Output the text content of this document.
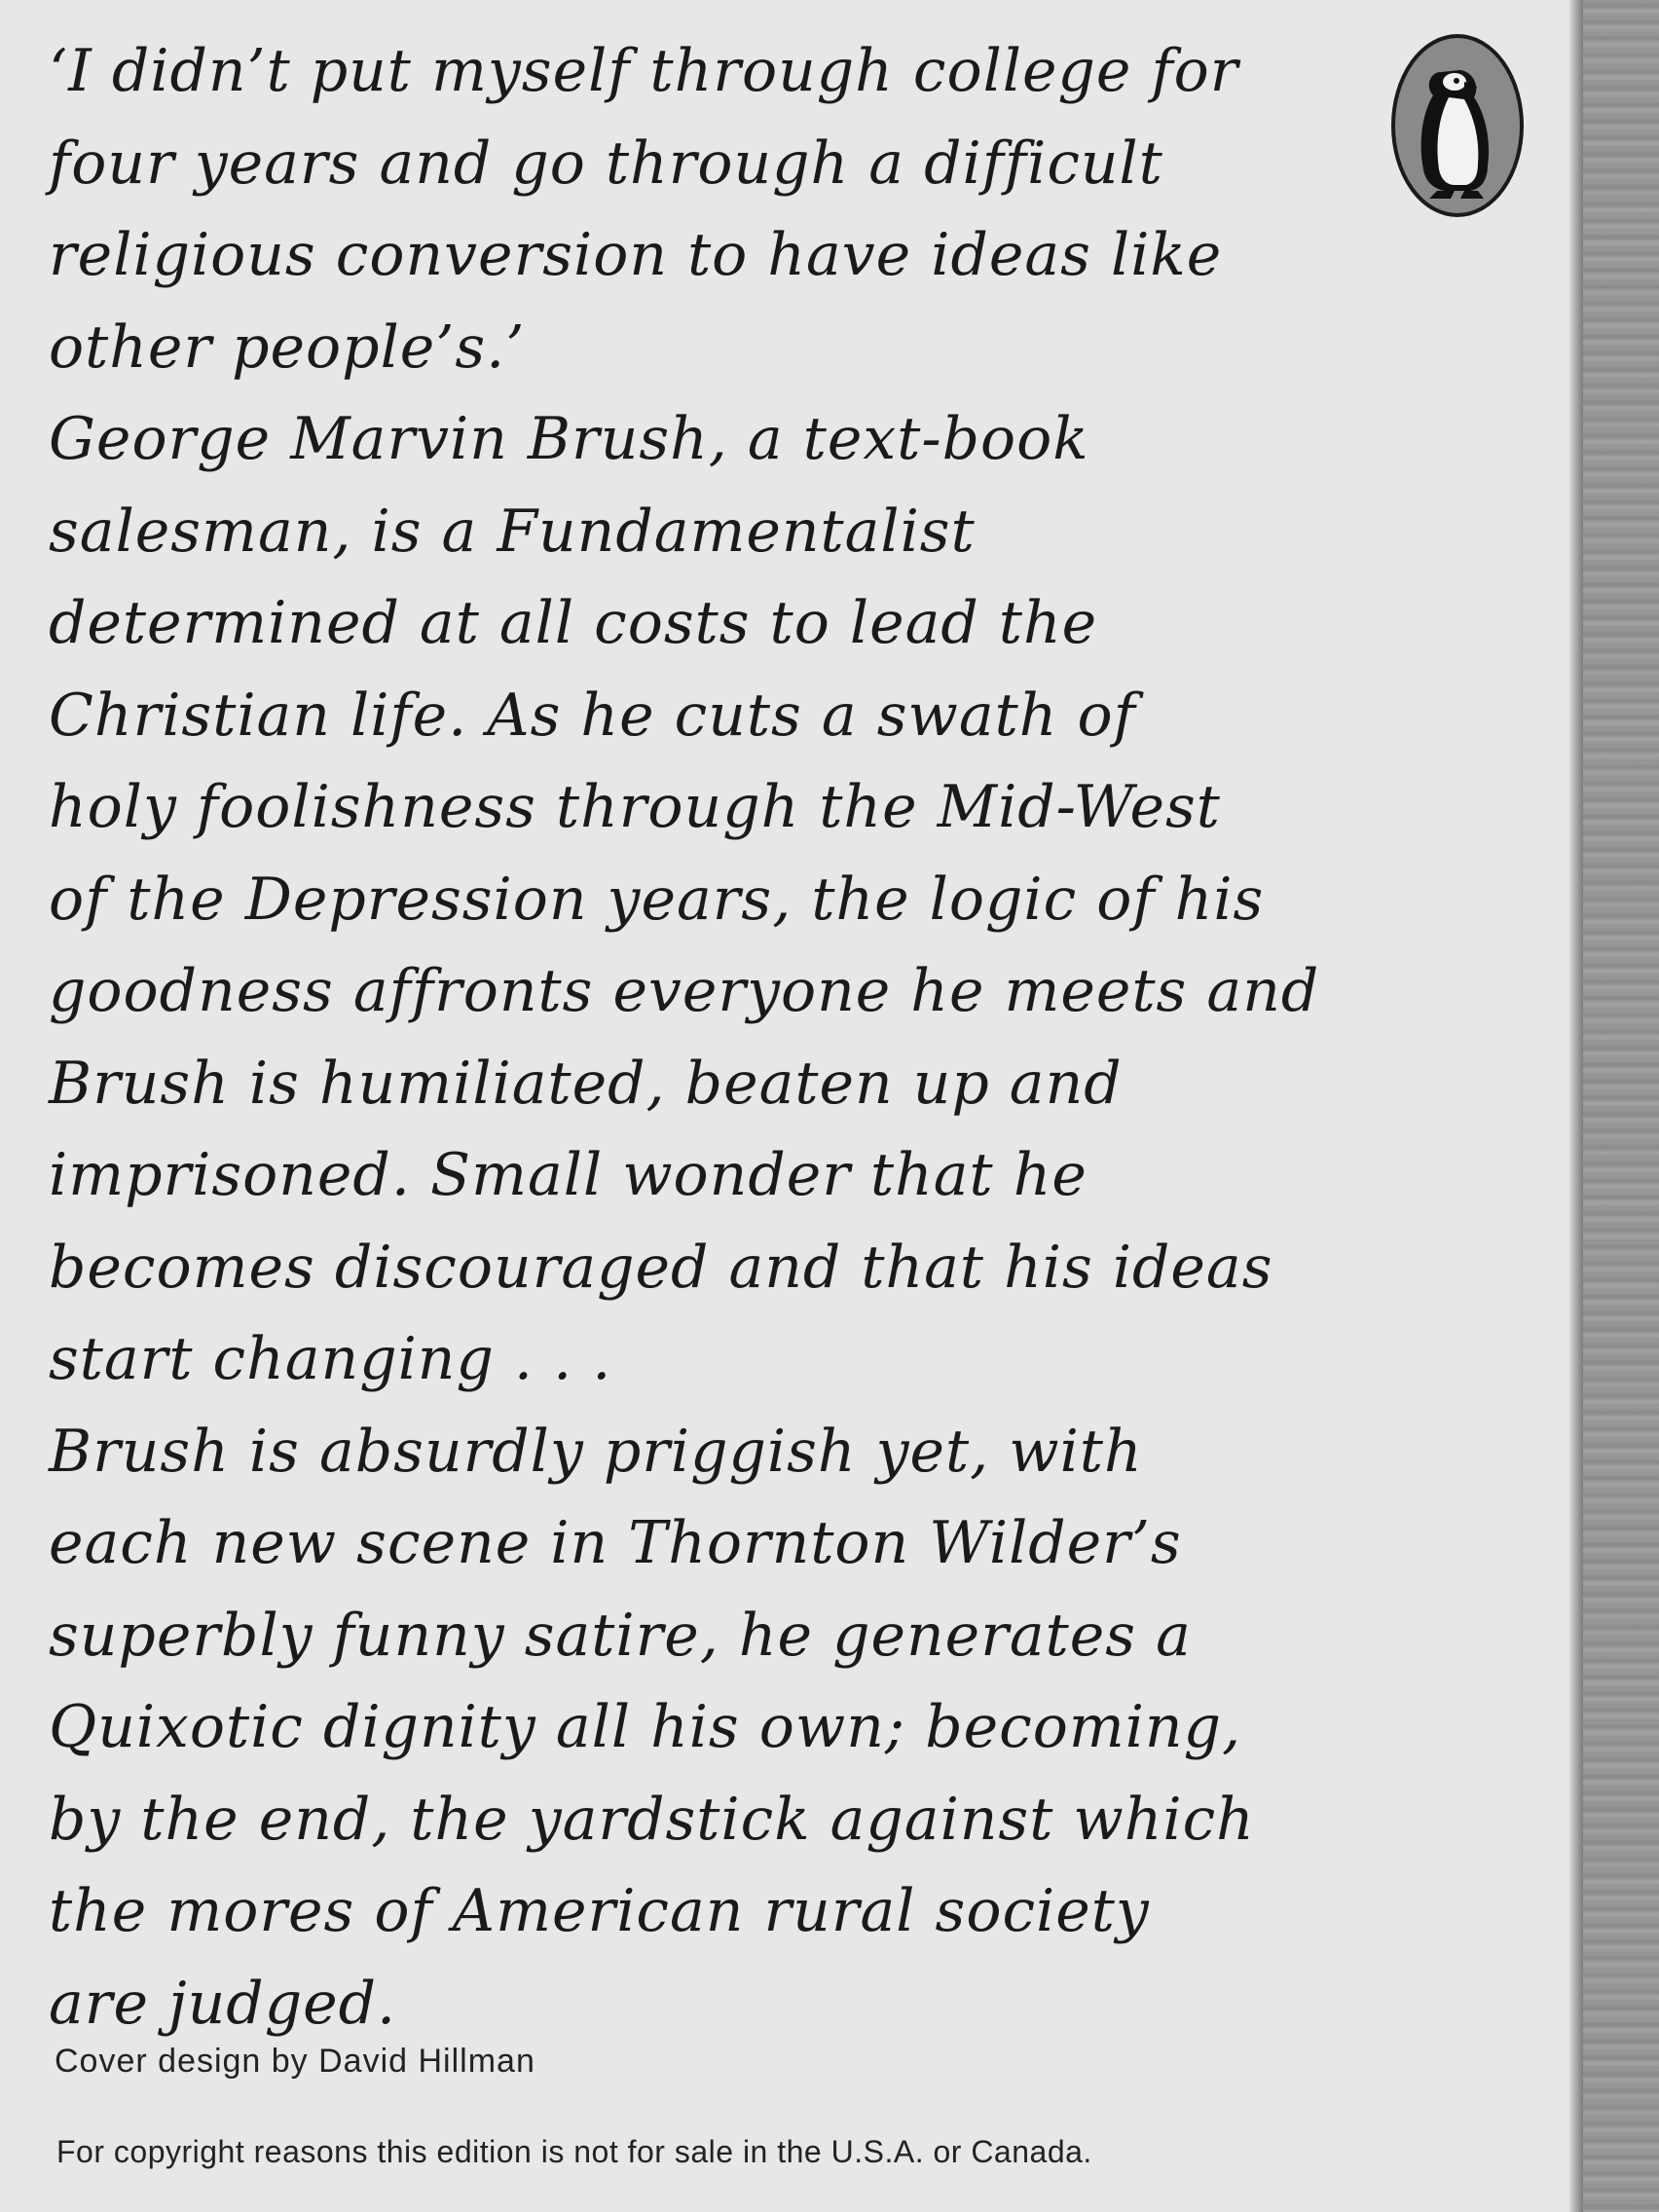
‘I didn’t put myself through college for
four years and go through a difficult
religious conversion to have ideas like
other people’s.’
George Marvin Brush, a text-book
salesman, is a Fundamentalist
determined at all costs to lead the
Christian life. As he cuts a swath of
holy foolishness through the Mid-West
of the Depression years, the logic of his
goodness affronts everyone he meets and
Brush is humiliated, beaten up and
imprisoned. Small wonder that he
becomes discouraged and that his ideas
start changing . . .
Brush is absurdly priggish yet, with
each new scene in Thornton Wilder’s
superbly funny satire, he generates a
Quixotic dignity all his own; becoming,
by the end, the yardstick against which
the mores of American rural society
are judged.
Cover design by David Hillman
For copyright reasons this edition is not for sale in the U.S.A. or Canada.
